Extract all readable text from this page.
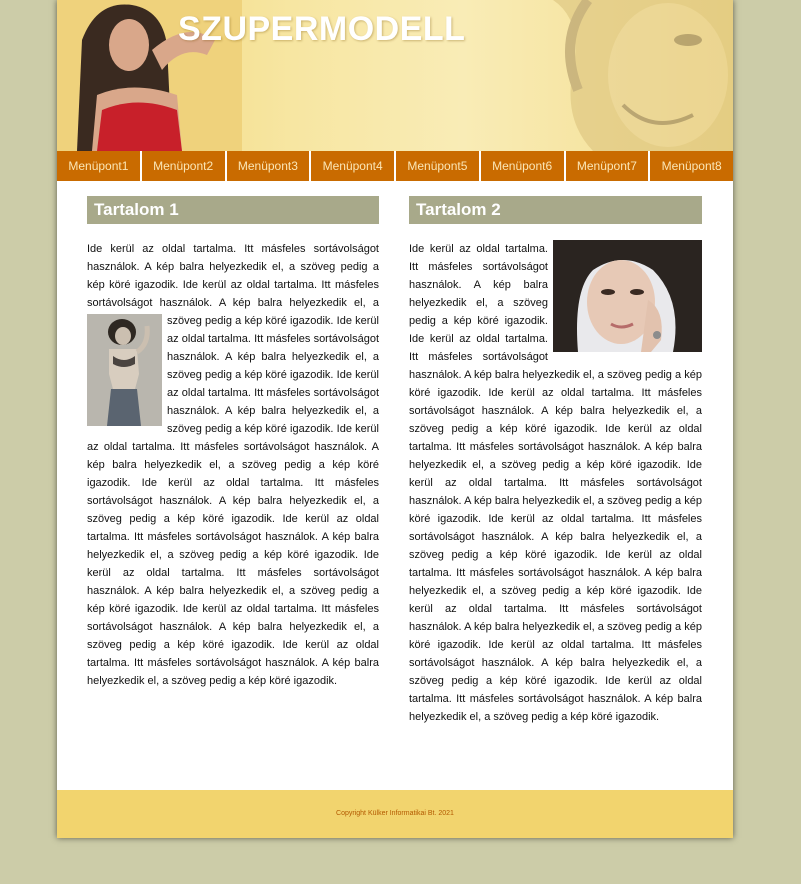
SZUPERMODELL
Menüpont1	Menüpont2	Menüpont3	Menüpont4	Menüpont5	Menüpont6	Menüpont7	Menüpont8
Tartalom 1
Ide kerül az oldal tartalma. Itt másfeles sortávolságot használok. A kép balra helyezkedik el, a szöveg pedig a kép köré igazodik. Ide kerül az oldal tartalma. Itt másfeles sortávolságot használok. A kép balra helyezkedik el, a szöveg pedig a kép köré igazodik. Ide kerül az oldal tartalma. Itt másfeles sortávolságot használok. A kép balra helyezkedik el, a szöveg pedig a kép köré igazodik. Ide kerül az oldal tartalma. Itt másfeles sortávolságot használok. A kép balra helyezkedik el, a szöveg pedig a kép köré igazodik. Ide kerül az oldal tartalma. Itt másfeles sortávolságot használok. A kép balra helyezkedik el, a szöveg pedig a kép köré igazodik. Ide kerül az oldal tartalma. Itt másfeles sortávolságot használok. A kép balra helyezkedik el, a szöveg pedig a kép köré igazodik. Ide kerül az oldal tartalma. Itt másfeles sortávolságot használok. A kép balra helyezkedik el, a szöveg pedig a kép köré igazodik. Ide kerül az oldal tartalma. Itt másfeles sortávolságot használok. A kép balra helyezkedik el, a szöveg pedig a kép köré igazodik. Ide kerül az oldal tartalma. Itt másfeles sortávolságot használok. A kép balra helyezkedik el, a szöveg pedig a kép köré igazodik. Ide kerül az oldal tartalma. Itt másfeles sortávolságot használok. A kép balra helyezkedik el, a szöveg pedig a kép köré igazodik.
Tartalom 2
Ide kerül az oldal tartalma. Itt másfeles sortávolságot használok. A kép balra helyezkedik el, a szöveg pedig a kép köré igazodik. Ide kerül az oldal tartalma. Itt másfeles sortávolságot használok. A kép balra helyezkedik el, a szöveg pedig a kép köré igazodik. Ide kerül az oldal tartalma. Itt másfeles sortávolságot használok. A kép balra helyezkedik el, a szöveg pedig a kép köré igazodik. Ide kerül az oldal tartalma. Itt másfeles sortávolságot használok. A kép balra helyezkedik el, a szöveg pedig a kép köré igazodik. Ide kerül az oldal tartalma. Itt másfeles sortávolságot használok. A kép balra helyezkedik el, a szöveg pedig a kép köré igazodik. Ide kerül az oldal tartalma. Itt másfeles sortávolságot használok. A kép balra helyezkedik el, a szöveg pedig a kép köré igazodik. Ide kerül az oldal tartalma. Itt másfeles sortávolságot használok. A kép balra helyezkedik el, a szöveg pedig a kép köré igazodik. Ide kerül az oldal tartalma. Itt másfeles sortávolságot használok. A kép balra helyezkedik el, a szöveg pedig a kép köré igazodik. Ide kerül az oldal tartalma. Itt másfeles sortávolságot használok. A kép balra helyezkedik el, a szöveg pedig a kép köré igazodik. Ide kerül az oldal tartalma. Itt másfeles sortávolságot használok. A kép balra helyezkedik el, a szöveg pedig a kép köré igazodik.
Copyright Külker Informatikai Bt. 2021
